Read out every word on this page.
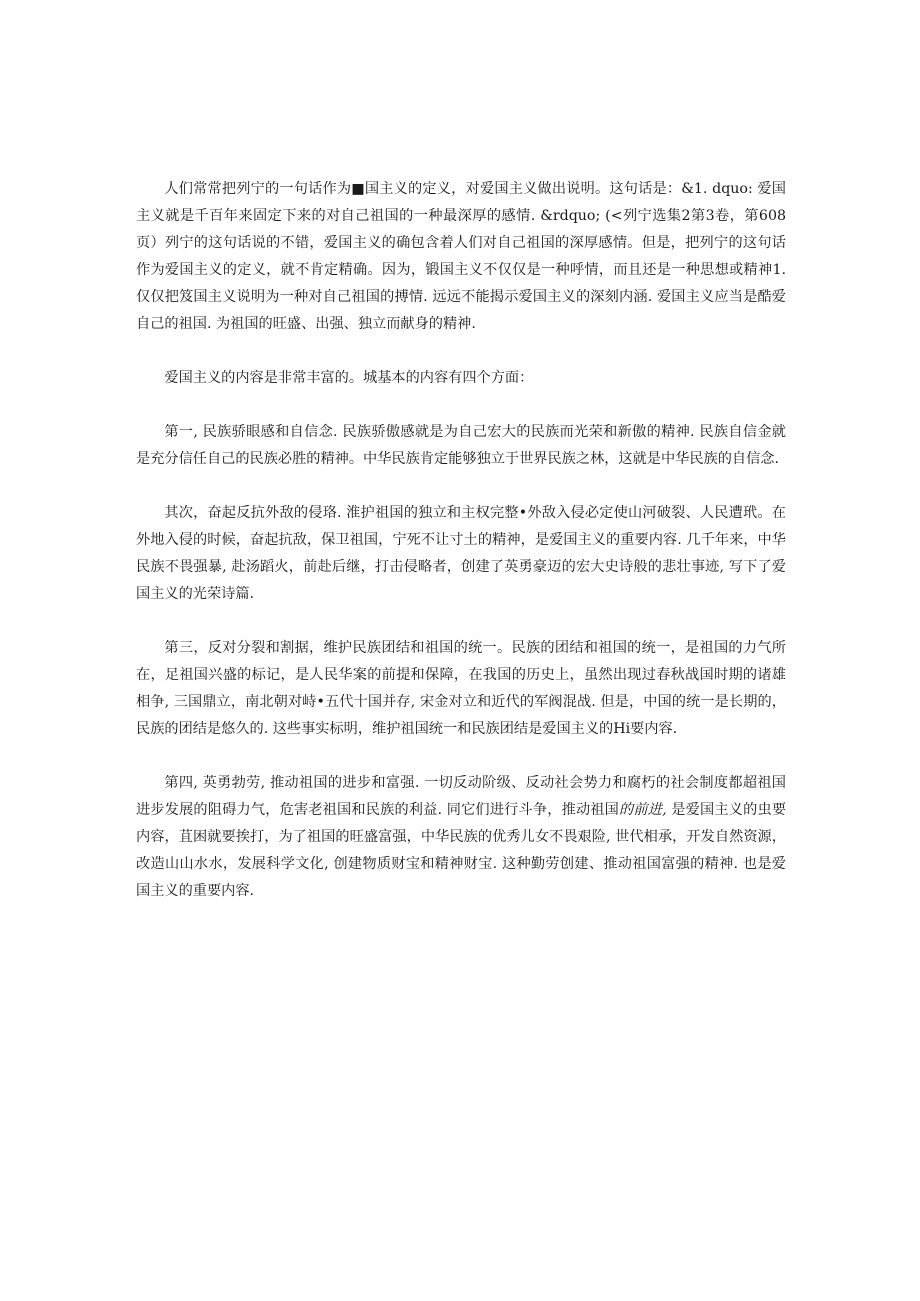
人们常常把列宁的一句话作为■国主义的定义，对爱国主义做出说明。这句话是：&1. dquo: 爱国主义就是千百年来固定下来的对自己祖国的一种最深厚的感情. &rdquo; (<列宁选集2第3卷，第608页）列宁的这句话说的不错，爱国主义的确包含着人们对自己祖国的深厚感情。但是，把列宁的这句话作为爱国主义的定义，就不肯定精确。因为，锻国主义不仅仅是一种呼情，而且还是一种思想或精神1. 仅仅把笈国主义说明为一种对自己祖国的搏情. 远远不能揭示爱国主义的深刻内涵. 爱国主义应当是酷爱自己的祖国. 为祖国的旺盛、出强、独立而献身的精神.

爱国主义的内容是非常丰富的。城基本的内容有四个方面：

第一, 民族骄眼感和自信念. 民族骄傲感就是为自己宏大的民族而光荣和新傲的精神. 民族自信金就是充分信任自己的民族必胜的精神。中华民族肯定能够独立于世界民族之林，这就是中华民族的自信念.

其次，奋起反抗外敌的侵珞. 淮护祖国的独立和主权完整•外敌入侵必定使山河破裂、人民遭玳。在外地入侵的时候，奋起抗敌，保卫祖国，宁死不让寸土的精神，是爱国主义的重要内容. 几千年来，中华民族不畏强暴, 赴汤蹈火，前赴后继，打击侵略者，创建了英勇豪迈的宏大史诗般的悲壮事迹, 写下了爱国主义的光荣诗篇.

第三，反对分裂和割据，维护民族团结和祖国的统一。民族的团结和祖国的统一，是祖国的力气所在，足祖国兴盛的标记，是人民华案的前提和保障，在我国的历史上，虽然出现过春秋战国时期的诸雄相争, 三国鼎立，南北朝对峙•五代十国并存, 宋金对立和近代的军阀混战. 但是，中国的统一是长期的，民族的团结是悠久的. 这些事实标明，维护祖国统一和民族团结是爱国主义的Hi要内容.

第四, 英勇勃劳, 推动祖国的进步和富强. 一切反动阶级、反动社会势力和腐朽的社会制度都超祖国进步发展的阻碍力气，危害老祖国和民族的利益. 同它们进行斗争，推动祖国的前进, 是爱国主义的虫要内容，苴困就要挨打，为了祖国的旺盛富强，中华民族的优秀儿女不畏艰险, 世代相承，开发自然资源，改造山山水水，发展科学文化, 创建物质财宝和精神财宝. 这种勤劳创建、推动祖国富强的精神. 也是爱国主义的重要内容.
